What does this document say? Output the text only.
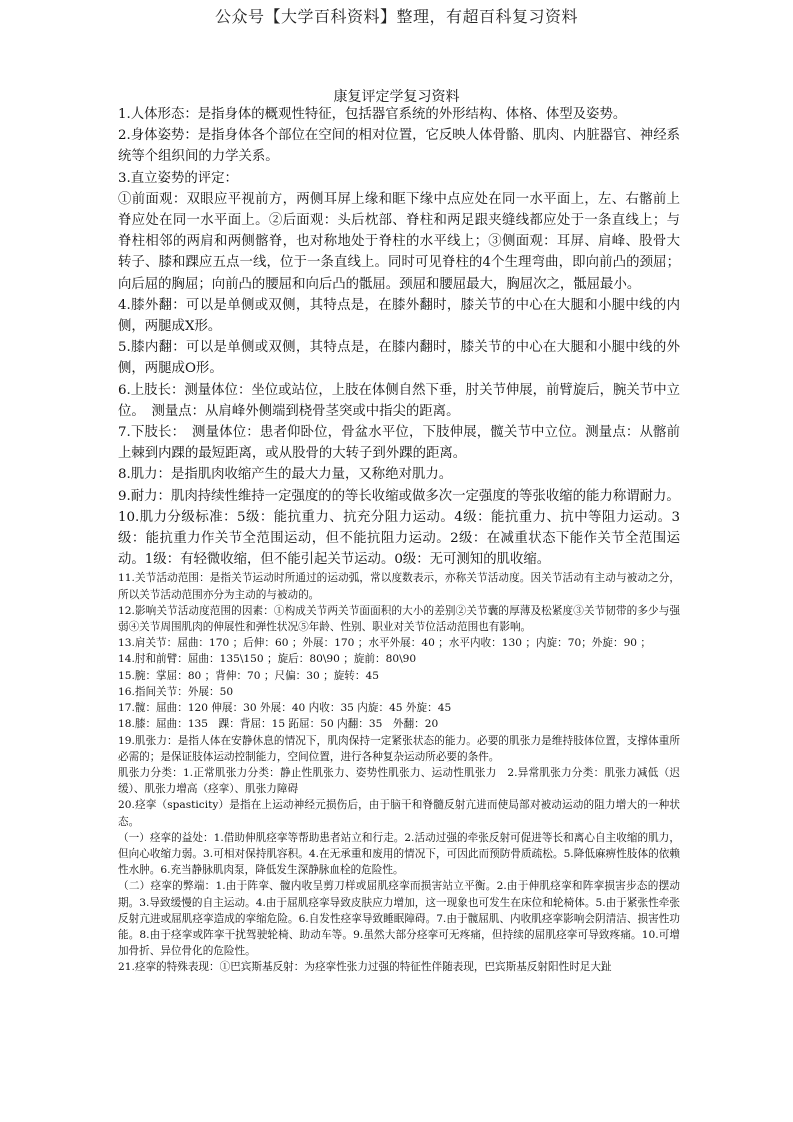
公众号【大学百科资料】整理，有超百科复习资料
康复评定学复习资料

1.人体形态：是指身体的概观性特征，包括器官系统的外形结构、体格、体型及姿势。

2.身体姿势：是指身体各个部位在空间的相对位置，它反映人体骨骼、肌肉、内脏器官、神经系统等个组织间的力学关系。

3.直立姿势的评定：

①前面观：双眼应平视前方，两侧耳屏上缘和眶下缘中点应处在同一水平面上，左、右髂前上脊应处在同一水平面上。②后面观：头后枕部、脊柱和两足跟夹缝线都应处于一条直线上；与脊柱相邻的两肩和两侧髂脊，也对称地处于脊柱的水平线上；③侧面观：耳屏、肩峰、股骨大转子、膝和踝应五点一线，位于一条直线上。同时可见脊柱的4个生理弯曲，即向前凸的颈屈；向后屈的胸屈；向前凸的腰屈和向后凸的骶屈。颈屈和腰屈最大，胸屈次之，骶屈最小。

4.膝外翻：可以是单侧或双侧，其特点是，在膝外翻时，膝关节的中心在大腿和小腿中线的内侧，两腿成X形。

5.膝内翻：可以是单侧或双侧，其特点是，在膝内翻时，膝关节的中心在大腿和小腿中线的外侧，两腿成O形。

6.上肢长：测量体位：坐位或站位，上肢在体侧自然下垂，肘关节伸展，前臂旋后，腕关节中立位。　测量点：从肩峰外侧端到桡骨茎突或中指尖的距离。

7.下肢长：　测量体位：患者仰卧位，骨盆水平位，下肢伸展，髋关节中立位。测量点：从髂前上棘到内踝的最短距离，或从股骨的大转子到外踝的距离。

8.肌力：是指肌肉收缩产生的最大力量，又称绝对肌力。

9.耐力：肌肉持续性维持一定强度的的等长收缩或做多次一定强度的等张收缩的能力称谓耐力。

10.肌力分级标准：5级：能抗重力、抗充分阻力运动。4级：能抗重力、抗中等阻力运动。3级：能抗重力作关节全范围运动，但不能抗阻力运动。2级：在减重状态下能作关节全范围运动。1级：有轻微收缩，但不能引起关节运动。0级：无可测知的肌收缩。

11.关节活动范围：是指关节运动时所通过的运动弧，常以度数表示，亦称关节活动度。因关节活动有主动与被动之分，所以关节活动范围亦分为主动的与被动的。

12.影响关节活动度范围的因素：①构成关节两关节面面积的大小的差别②关节囊的厚薄及松紧度③关节韧带的多少与强弱④关节周围肌肉的伸展性和弹性状况⑤年龄、性别、职业对关节位活动范围也有影响。

13.肩关节：屈曲：170 ；后伸：60 ；外展：170 ；水平外展：40 ；水平内收：130 ；内旋：70；外旋：90 ；

14.肘和前臂：屈曲：135\150 ；旋后：80\90 ；旋前：80\90

15.腕：掌屈：80 ；背伸：70 ；尺偏：30 ；旋转：45

16.指间关节：外展：50

17.髋：屈曲：120 伸展：30 外展：40 内收：35 内旋：45 外旋：45

18.膝：屈曲：135　踝：背屈：15 跖屈：50 内翻：35　外翻：20

19.肌张力：是指人体在安静休息的情况下，肌肉保持一定紧张状态的能力。必要的肌张力是维持肢体位置，支撑体重所必需的；是保证肢体运动控制能力，空间位置，进行各种复杂运动所必要的条件。

肌张力分类：1.正常肌张力分类：静止性肌张力、姿势性肌张力、运动性肌张力　2.异常肌张力分类：肌张力减低（迟缓）、肌张力增高（痉挛）、肌张力障碍

20.痉挛（spasticity）是指在上运动神经元损伤后，由于脑干和脊髓反射亢进而使局部对被动运动的阻力增大的一种状态。

（一）痉挛的益处：1.借助伸肌痉挛等帮助患者站立和行走。2.活动过强的牵张反射可促进等长和离心自主收缩的肌力，但向心收缩力弱。3.可相对保持肌容积。4.在无承重和废用的情况下，可因此而预防骨质疏松。5.降低麻痹性肢体的依赖性水肿。6.充当静脉肌肉泵，降低发生深静脉血栓的危险性。

（二）痉挛的弊端：1.由于阵挛、髋内收呈剪刀样或屈肌痉挛而损害站立平衡。2.由于伸肌痉挛和阵挛损害步态的摆动期。3.导致缓慢的自主运动。4.由于屈肌痉挛导致皮肤应力增加，这一现象也可发生在床位和轮椅体。5.由于紧张性牵张反射亢进或屈肌痉挛造成的挛缩危险。6.自发性痉挛导致睡眠障碍。7.由于髋屈肌、内收肌痉挛影响会阴清洁、损害性功能。8.由于痉挛或阵挛干扰驾驶轮椅、助动车等。9.虽然大部分痉挛可无疼痛，但持续的屈肌痉挛可导致疼痛。10.可增加骨折、异位骨化的危险性。

21.痉挛的特殊表现：①巴宾斯基反射：为痉挛性张力过强的特征性伴随表现，巴宾斯基反射阳性时足大趾
